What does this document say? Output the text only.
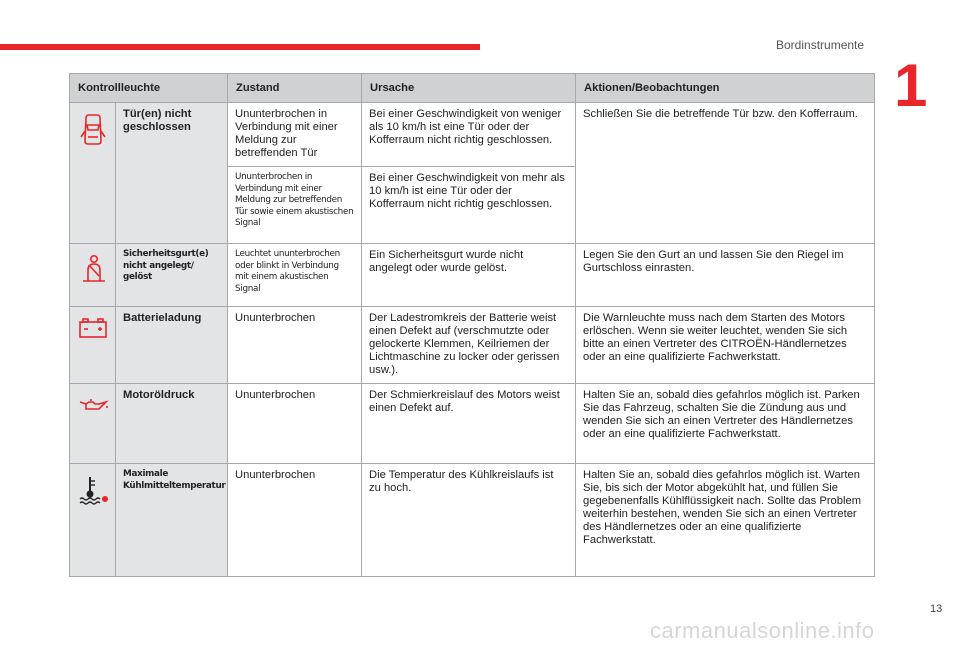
Bordinstrumente
1
Kontrollleuchte		Zustand	Ursache	Aktionen/Beobachtungen
	Tür(en) nicht geschlossen	Ununterbrochen in Verbindung mit einer Meldung zur betreffenden Tür	Bei einer Geschwindigkeit von weniger als 10 km/h ist eine Tür oder der Kofferraum nicht richtig geschlossen.	Schließen Sie die betreffende Tür bzw. den Kofferraum.
		Ununterbrochen in Verbindung mit einer Meldung zur betreffenden Tür sowie einem akustischen Signal	Bei einer Geschwindigkeit von mehr als 10 km/h ist eine Tür oder der Kofferraum nicht richtig geschlossen.	
	Sicherheitsgurt(e) nicht angelegt/ gelöst	Leuchtet ununterbrochen oder blinkt in Verbindung mit einem akustischen Signal	Ein Sicherheitsgurt wurde nicht angelegt oder wurde gelöst.	Legen Sie den Gurt an und lassen Sie den Riegel im Gurtschloss einrasten.
	Batterieladung	Ununterbrochen	Der Ladestromkreis der Batterie weist einen Defekt auf (verschmutzte oder gelockerte Klemmen, Keilriemen der Lichtmaschine zu locker oder gerissen usw.).	Die Warnleuchte muss nach dem Starten des Motors erlöschen. Wenn sie weiter leuchtet, wenden Sie sich bitte an einen Vertreter des CITROËN-Händlernetzes oder an eine qualifizierte Fachwerkstatt.
	Motoröldruck	Ununterbrochen	Der Schmierkreislauf des Motors weist einen Defekt auf.	Halten Sie an, sobald dies gefahrlos möglich ist. Parken Sie das Fahrzeug, schalten Sie die Zündung aus und wenden Sie sich an einen Vertreter des Händlernetzes oder an eine qualifizierte Fachwerkstatt.
	Maximale Kühlmitteltemperatur	Ununterbrochen	Die Temperatur des Kühlkreislaufs ist zu hoch.	Halten Sie an, sobald dies gefahrlos möglich ist. Warten Sie, bis sich der Motor abgekühlt hat, und füllen Sie gegebenenfalls Kühlflüssigkeit nach. Sollte das Problem weiterhin bestehen, wenden Sie sich an einen Vertreter des Händlernetzes oder an eine qualifizierte Fachwerkstatt.
13
carmanualsonline.info
